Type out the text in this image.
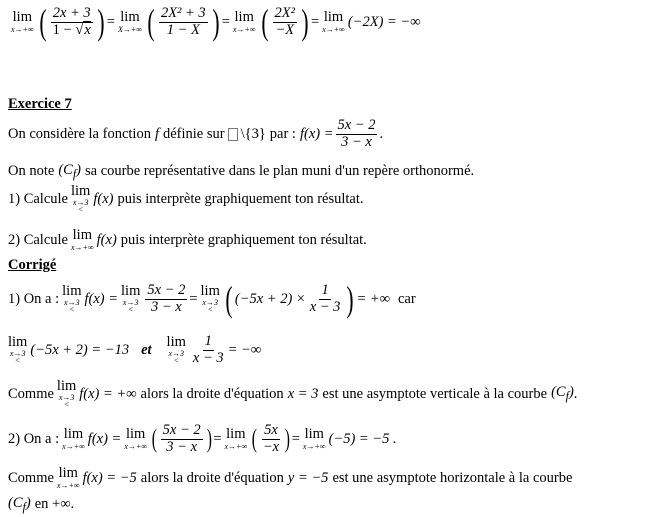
lim
x→+∞ ( $\frac{2x + 3}{1 - √x}$ ) = lim
X→+∞ ( $\frac{\text{2X² + 3}}{1 - X}$ ) = lim
x→+∞ ( $\frac{\text{2X²}}{-X}$ ) = lim
x→+∞ (−2X) = −∞
Exercice 7
On considère la fonction f définie sur \{3} par : $f(x) = \frac{5x - 2}{3 - x}$ .
On note $(C_f)$ sa courbe représentative dans le plan muni d'un repère orthonormé.
1) Calcule lim
x→3
<
f(x) puis interprète graphiquement ton résultat.
2) Calcule lim
x→+∞ f(x) puis interprète graphiquement ton résultat.
Corrigé
1) On a : lim
x→3
<
f(x) = lim
x→3
< $\frac{5x - 2}{3 - x} = \lim$
x→3
< ( $(-5x + 2) \times \frac{1}{x - 3}$ ) = +∞ car
lim
x→3
<
(−5x + 2) = −13 et lim
x→3
< $\frac{1}{x - 3}$ = −∞
Comme lim
x→3
<
f(x) = +∞ alors la droite d'équation x = 3 est une asymptote verticale à la courbe $(C_f)$ .
2) On a : lim
x→+∞ f(x) = lim
x→+∞ ( $\frac{5x - 2}{3 - x}$ ) = lim
x→+∞ ( $\frac{5x}{-x}$ ) = lim
x→+∞ (−5) = −5 .
Comme lim
x→+∞ f(x) = −5 alors la droite d'équation y = −5 est une asymptote horizontale à la courbe
$(C_f)$ en +∞.
